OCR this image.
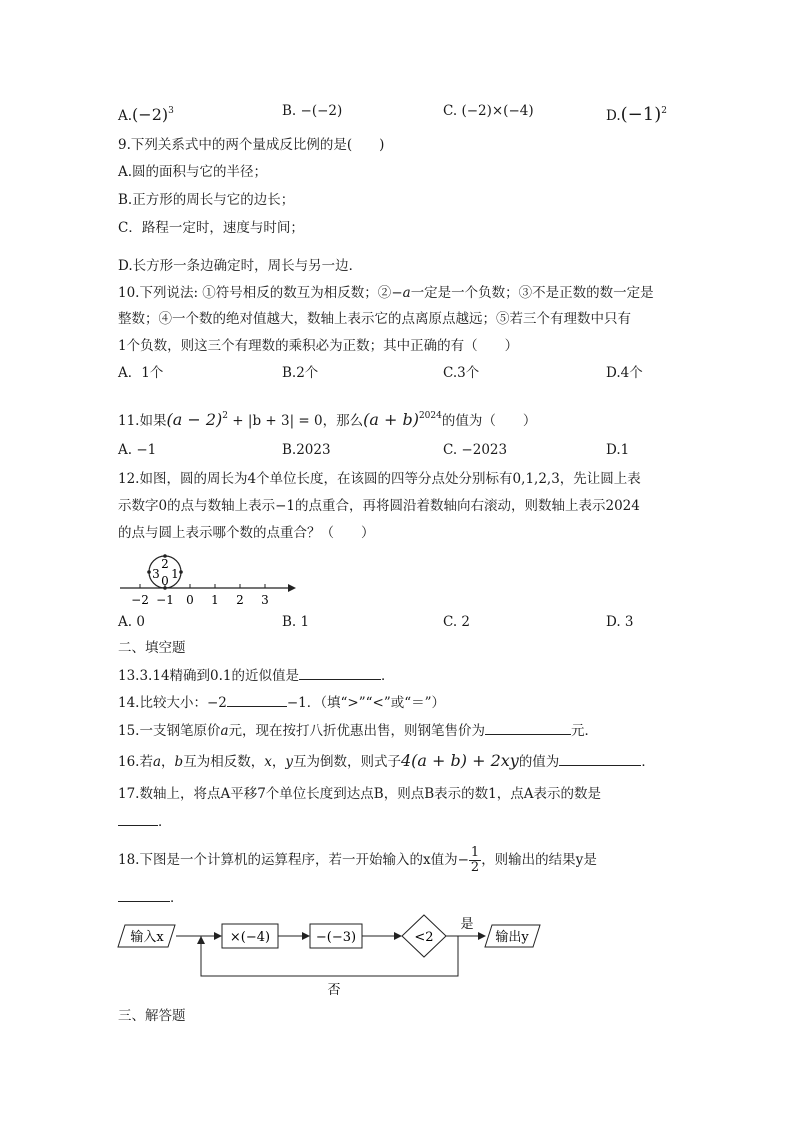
$A.(-2)^3$	B. −(−2)	C. (−2)×(−4)	$D.(-1)^2$
9.下列关系式中的两个量成反比例的是(　　)
A.圆的面积与它的半径；
B.正方形的周长与它的边长；
C．路程一定时，速度与时间；
D.长方形一条边确定时，周长与另一边．
10.下列说法: ①符号相反的数互为相反数；②−a一定是一个负数；③不是正数的数一定是
整数；④一个数的绝对值越大，数轴上表示它的点离原点越远；⑤若三个有理数中只有
1个负数，则这三个有理数的乘积必为正数；其中正确的有（　　）
A．1个	B.2个	C.3个	D.4个
11.如果$(a - 2)^2 + |b + 3| = 0$，那么$(a + b)^{2024}$的值为（　　）
A. −1	B.2023	C. −2023	D.1
12.如图，圆的周长为4个单位长度，在该圆的四等分点处分别标有0,1,2,3，先让圆上表
示数字0的点与数轴上表示−1的点重合，再将圆沿着数轴向右滚动，则数轴上表示2024
的点与圆上表示哪个数的点重合？（　　）
−2 −1 0 1 2 3
2
3 0 1
A. 0	B. 1	C. 2	D. 3
二、填空题
13.3.14精确到0.1的近似值是	．
14.比较大小：−2	−1．（填“>”“<”或“＝”）
15.一支钢笔原价a元，现在按打八折优惠出售，则钢笔售价为	元．
16.若a，b互为相反数，x，y互为倒数，则式子4(a + b) + 2xy的值为	．
17.数轴上，将点A平移7个单位长度到达点B，则点B表示的数1，点A表示的数是
．
18.下图是一个计算机的运算程序，若一开始输入的x值为− $\frac{1}{2}$ ，则输出的结果y是
．
输入x	×(−4)	−(−3)	<2
是
输出y
否
三、解答题
